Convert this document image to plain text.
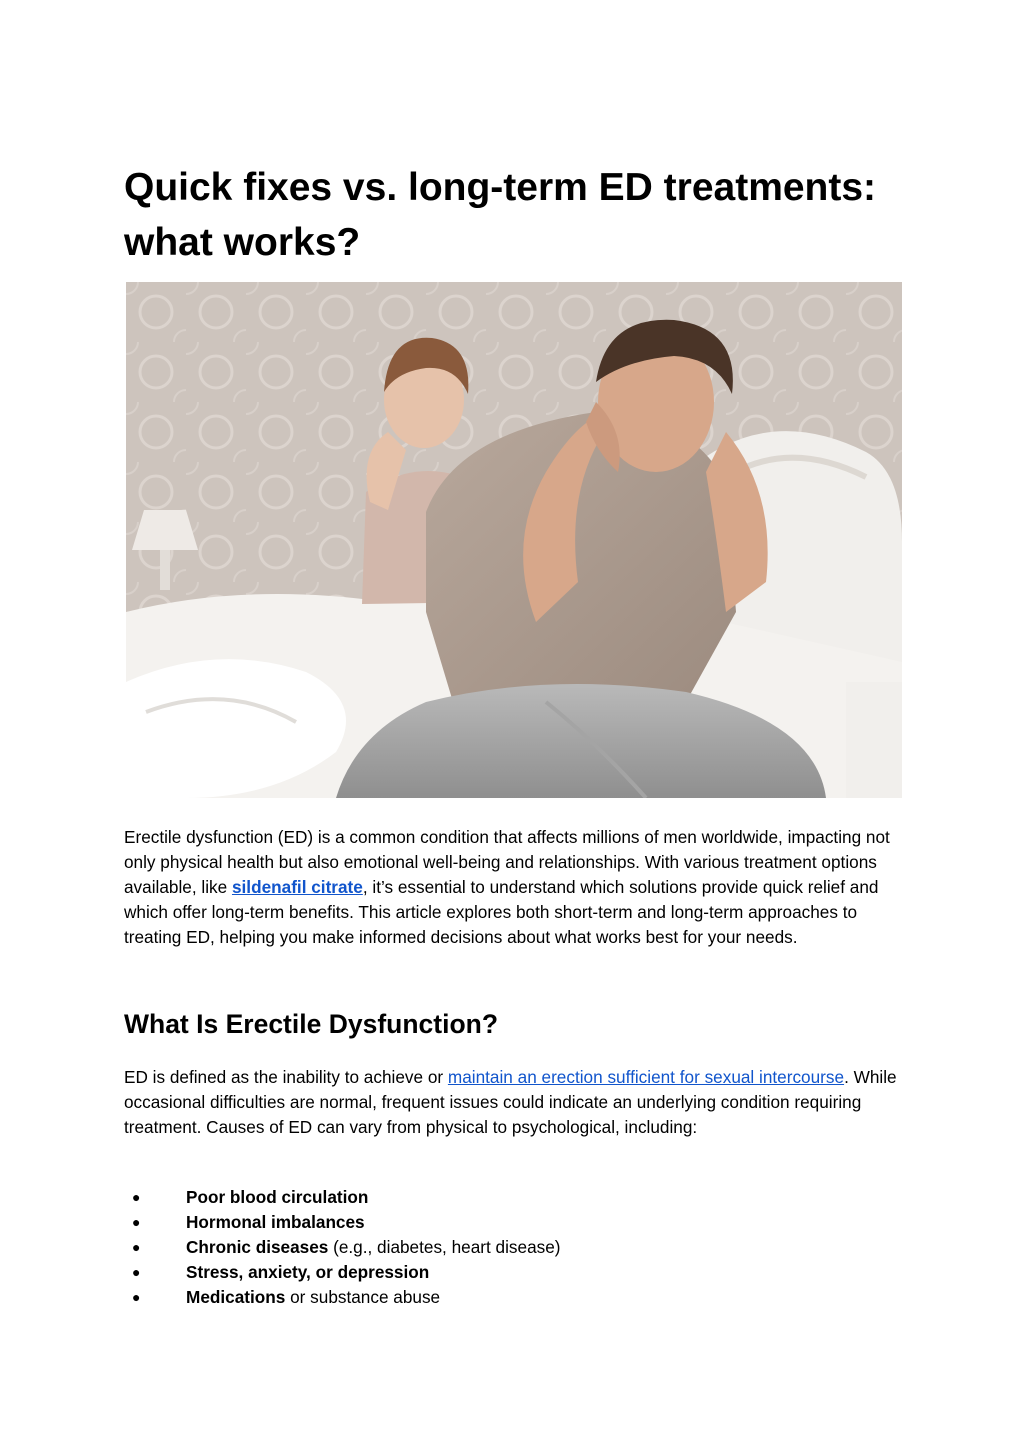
Quick fixes vs. long-term ED treatments: what works?

Erectile dysfunction (ED) is a common condition that affects millions of men worldwide, impacting not only physical health but also emotional well-being and relationships. With various treatment options available, like sildenafil citrate, it’s essential to understand which solutions provide quick relief and which offer long-term benefits. This article explores both short-term and long-term approaches to treating ED, helping you make informed decisions about what works best for your needs.

What Is Erectile Dysfunction?

ED is defined as the inability to achieve or maintain an erection sufficient for sexual intercourse. While occasional difficulties are normal, frequent issues could indicate an underlying condition requiring treatment. Causes of ED can vary from physical to psychological, including:

●	Poor blood circulation
●	Hormonal imbalances
●	Chronic diseases (e.g., diabetes, heart disease)
●	Stress, anxiety, or depression
●	Medications or substance abuse
